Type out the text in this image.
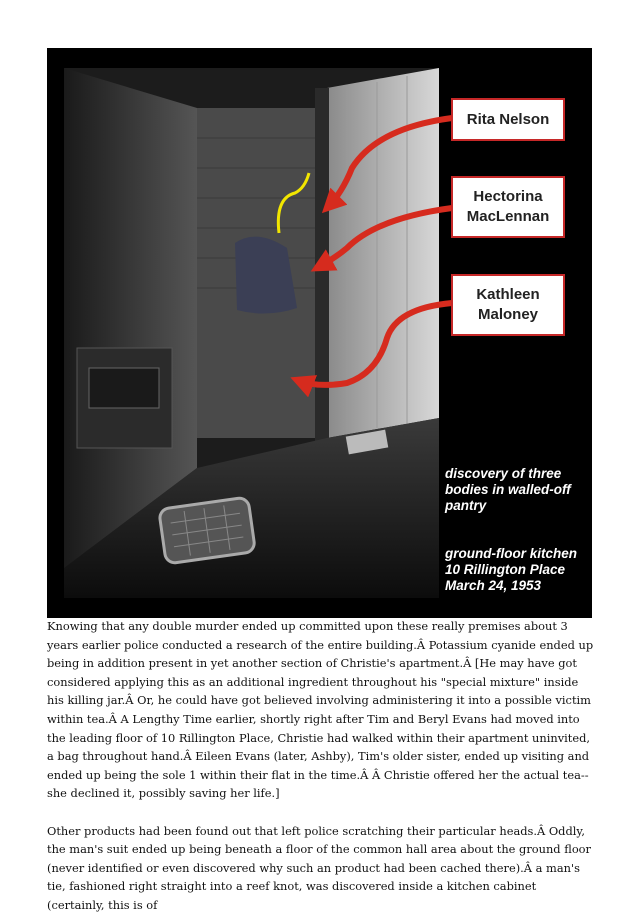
Rita Nelson
Hectorina
MacLennan
Kathleen
Maloney
discovery of three
bodies in walled-off
pantry
ground-floor kitchen
10 Rillington Place
March 24, 1953

Knowing that any double murder ended up committed upon these really premises about 3 years earlier police conducted a research of the entire building.Â Potassium cyanide ended up being in addition present in yet another section of Christie's apartment.Â [He may have got considered applying this as an additional ingredient throughout his "special mixture" inside his killing jar.Â Or, he could have got believed involving administering it into a possible victim within tea.Â A Lengthy Time earlier, shortly right after Tim and Beryl Evans had moved into the leading floor of 10 Rillington Place, Christie had walked within their apartment uninvited, a bag throughout hand.Â Eileen Evans (later, Ashby), Tim's older sister, ended up visiting and ended up being the sole 1 within their flat in the time.Â Â Christie offered her the actual tea--she declined it, possibly saving her life.]

Other products had been found out that left police scratching their particular heads.Â Oddly, the man's suit ended up being beneath a floor of the common hall area about the ground floor (never identified or even discovered why such an product had been cached there).Â a man's tie, fashioned right straight into a reef knot, was discovered inside a kitchen cabinet (certainly, this is of
